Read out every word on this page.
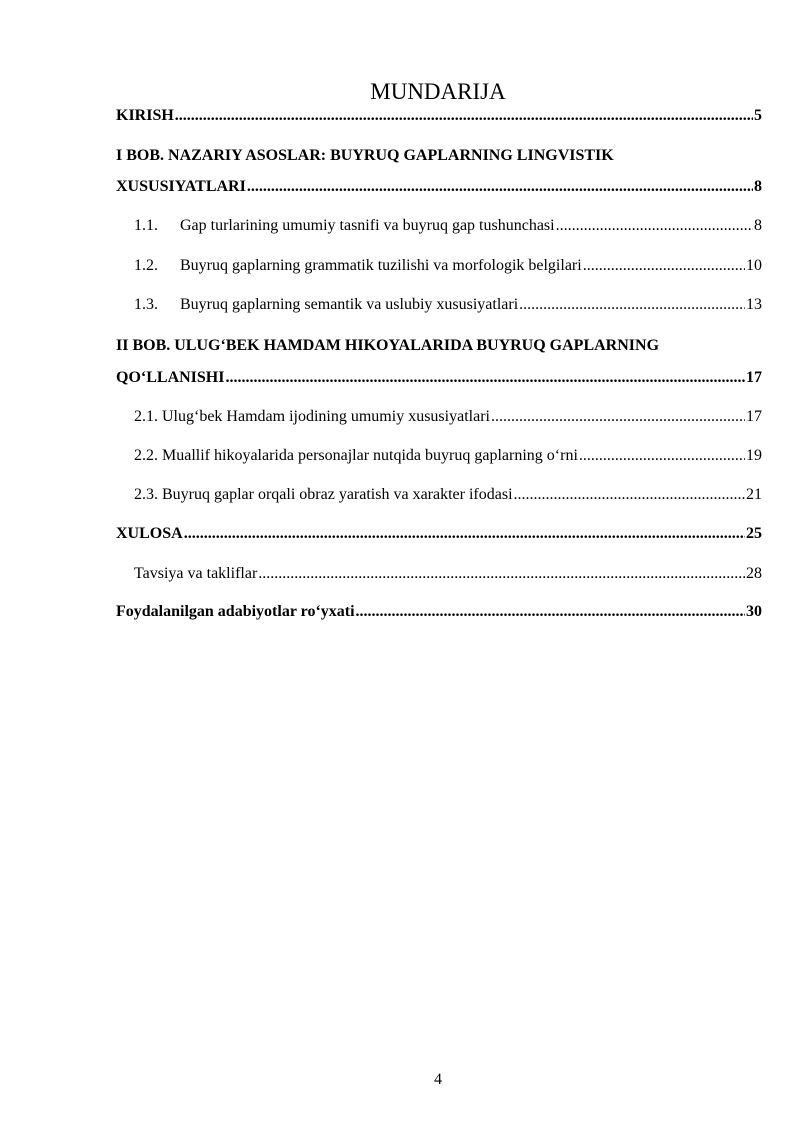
MUNDARIJA
KIRISH .....	5
I BOB. NAZARIY ASOSLAR: BUYRUQ GAPLARNING LINGVISTIK
XUSUSIYATLARI .....	8
1.1.	Gap turlarining umumiy tasnifi va buyruq gap tushunchasi .....	8
1.2.	Buyruq gaplarning grammatik tuzilishi va morfologik belgilari .....	10
1.3.	Buyruq gaplarning semantik va uslubiy xususiyatlari .....	13
II BOB. ULUG‘BEK HAMDAM HIKOYALARIDA BUYRUQ GAPLARNING
QO‘LLANISHI .....	17
2.1. Ulug‘bek Hamdam ijodining umumiy xususiyatlari .....	17
2.2. Muallif hikoyalarida personajlar nutqida buyruq gaplarning o‘rni .....	19
2.3. Buyruq gaplar orqali obraz yaratish va xarakter ifodasi .....	21
XULOSA .....	25
Tavsiya va takliflar .....	28
Foydalanilgan adabiyotlar ro‘yxati .....	30
4
